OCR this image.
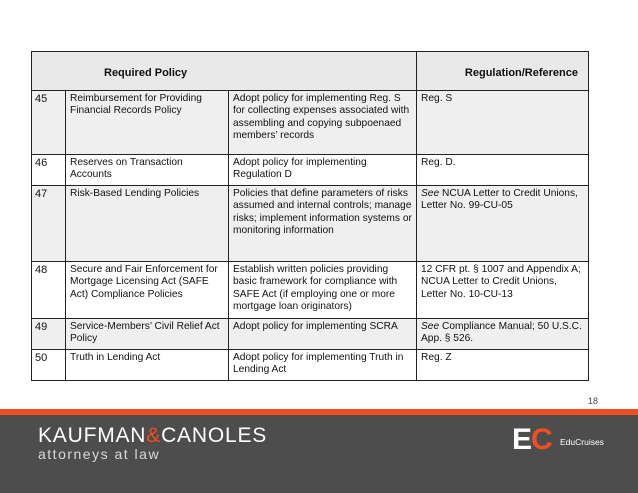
Required Policy			Regulation/Reference
45	Reimbursement for Providing Financial Records Policy	Adopt policy for implementing Reg. S for collecting expenses associated with assembling and copying subpoenaed members’ records	Reg. S
46	Reserves on Transaction Accounts	Adopt policy for implementing Regulation D	Reg. D.
47	Risk-Based Lending Policies	Policies that define parameters of risks assumed and internal controls; manage risks; implement information systems or monitoring information	See NCUA Letter to Credit Unions, Letter No. 99-CU-05
48	Secure and Fair Enforcement for Mortgage Licensing Act (SAFE Act) Compliance Policies	Establish written policies providing basic framework for compliance with SAFE Act (if employing one or more mortgage loan originators)	12 CFR pt. § 1007 and Appendix A; NCUA Letter to Credit Unions, Letter No. 10-CU-13
49	Service-Members’ Civil Relief Act Policy	Adopt policy for implementing SCRA	See Compliance Manual; 50 U.S.C. App. § 526.
50	Truth in Lending Act	Adopt policy for implementing Truth in Lending Act	Reg. Z
18
KAUFMAN&CANOLES
attorneys at law	EC EduCruises
